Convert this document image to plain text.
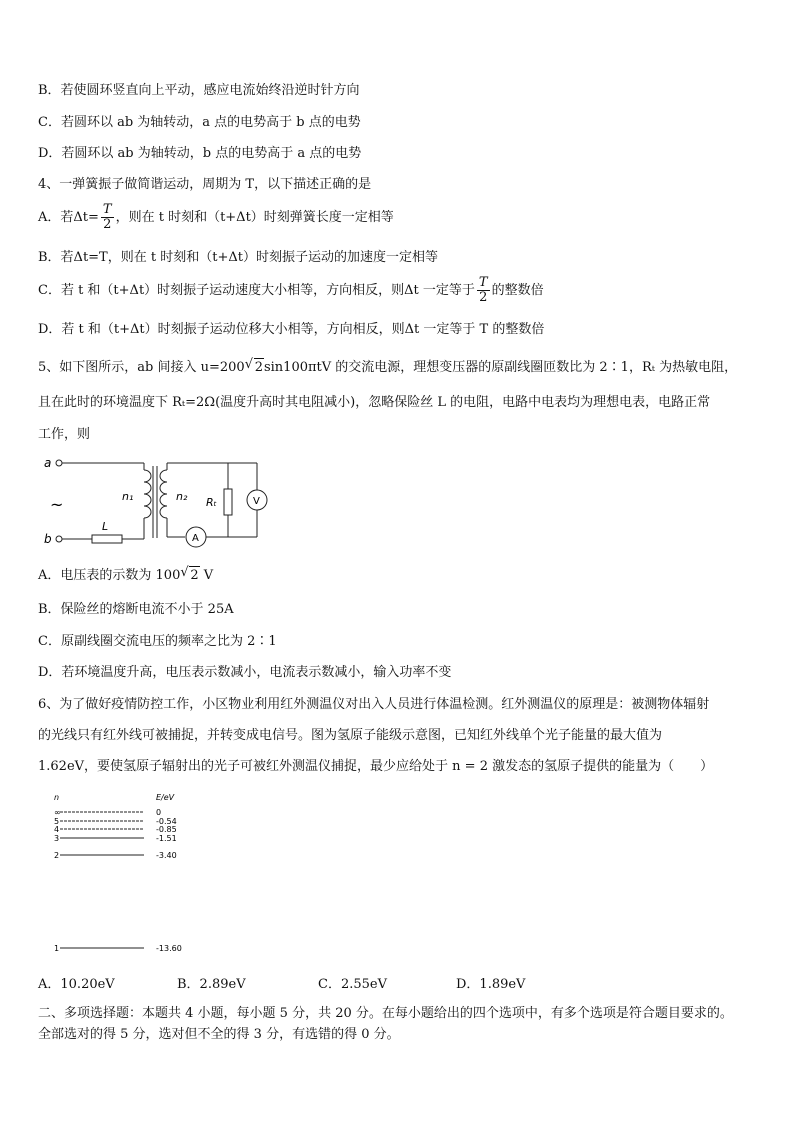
B．若使圆环竖直向上平动，感应电流始终沿逆时针方向
C．若圆环以 ab 为轴转动，a 点的电势高于 b 点的电势
D．若圆环以 ab 为轴转动，b 点的电势高于 a 点的电势
4、一弹簧振子做简谐运动，周期为 T，以下描述正确的是
A．若$\Delta t= \frac{T}{2}$ ，则在 t 时刻和（t+Δt）时刻弹簧长度一定相等
B．若Δt=T，则在 t 时刻和（t+Δt）时刻振子运动的加速度一定相等
C．若 t 和（t+Δt）时刻振子运动速度大小相等，方向相反，则Δt 一定等于 $\frac{T}{2}$ 的整数倍
D．若 t 和（t+Δt）时刻振子运动位移大小相等，方向相反，则Δt 一定等于 T 的整数倍
5、如下图所示，ab 间接入 u=200 √ 2sin100πtV 的交流电源，理想变压器的原副线圈匝数比为 2∶1，Rₜ 为热敏电阻，
且在此时的环境温度下 Rₜ=2Ω(温度升高时其电阻减小)，忽略保险丝 L 的电阻，电路中电表均为理想电表，电路正常
工作，则
a
b
~
L
n₁	n₂ Rₜ	V
A
A．电压表的示数为 100 √ 2 V
B．保险丝的熔断电流不小于 25A
C．原副线圈交流电压的频率之比为 2∶1
D．若环境温度升高，电压表示数减小，电流表示数减小，输入功率不变
6、为了做好疫情防控工作，小区物业利用红外测温仪对出入人员进行体温检测。红外测温仪的原理是：被测物体辐射
的光线只有红外线可被捕捉，并转变成电信号。图为氢原子能级示意图，已知红外线单个光子能量的最大值为
1.62eV，要使氢原子辐射出的光子可被红外测温仪捕捉，最少应给处于 n = 2 激发态的氢原子提供的能量为（　　）
n	E/eV
∞	0
5	-0.54
4	-0.85
3	-1.51
2	-3.40
1	-13.60
A．10.20eV	B．2.89eV	C．2.55eV	D．1.89eV
二、多项选择题：本题共 4 小题，每小题 5 分，共 20 分。在每小题给出的四个选项中，有多个选项是符合题目要求的。
全部选对的得 5 分，选对但不全的得 3 分，有选错的得 0 分。
